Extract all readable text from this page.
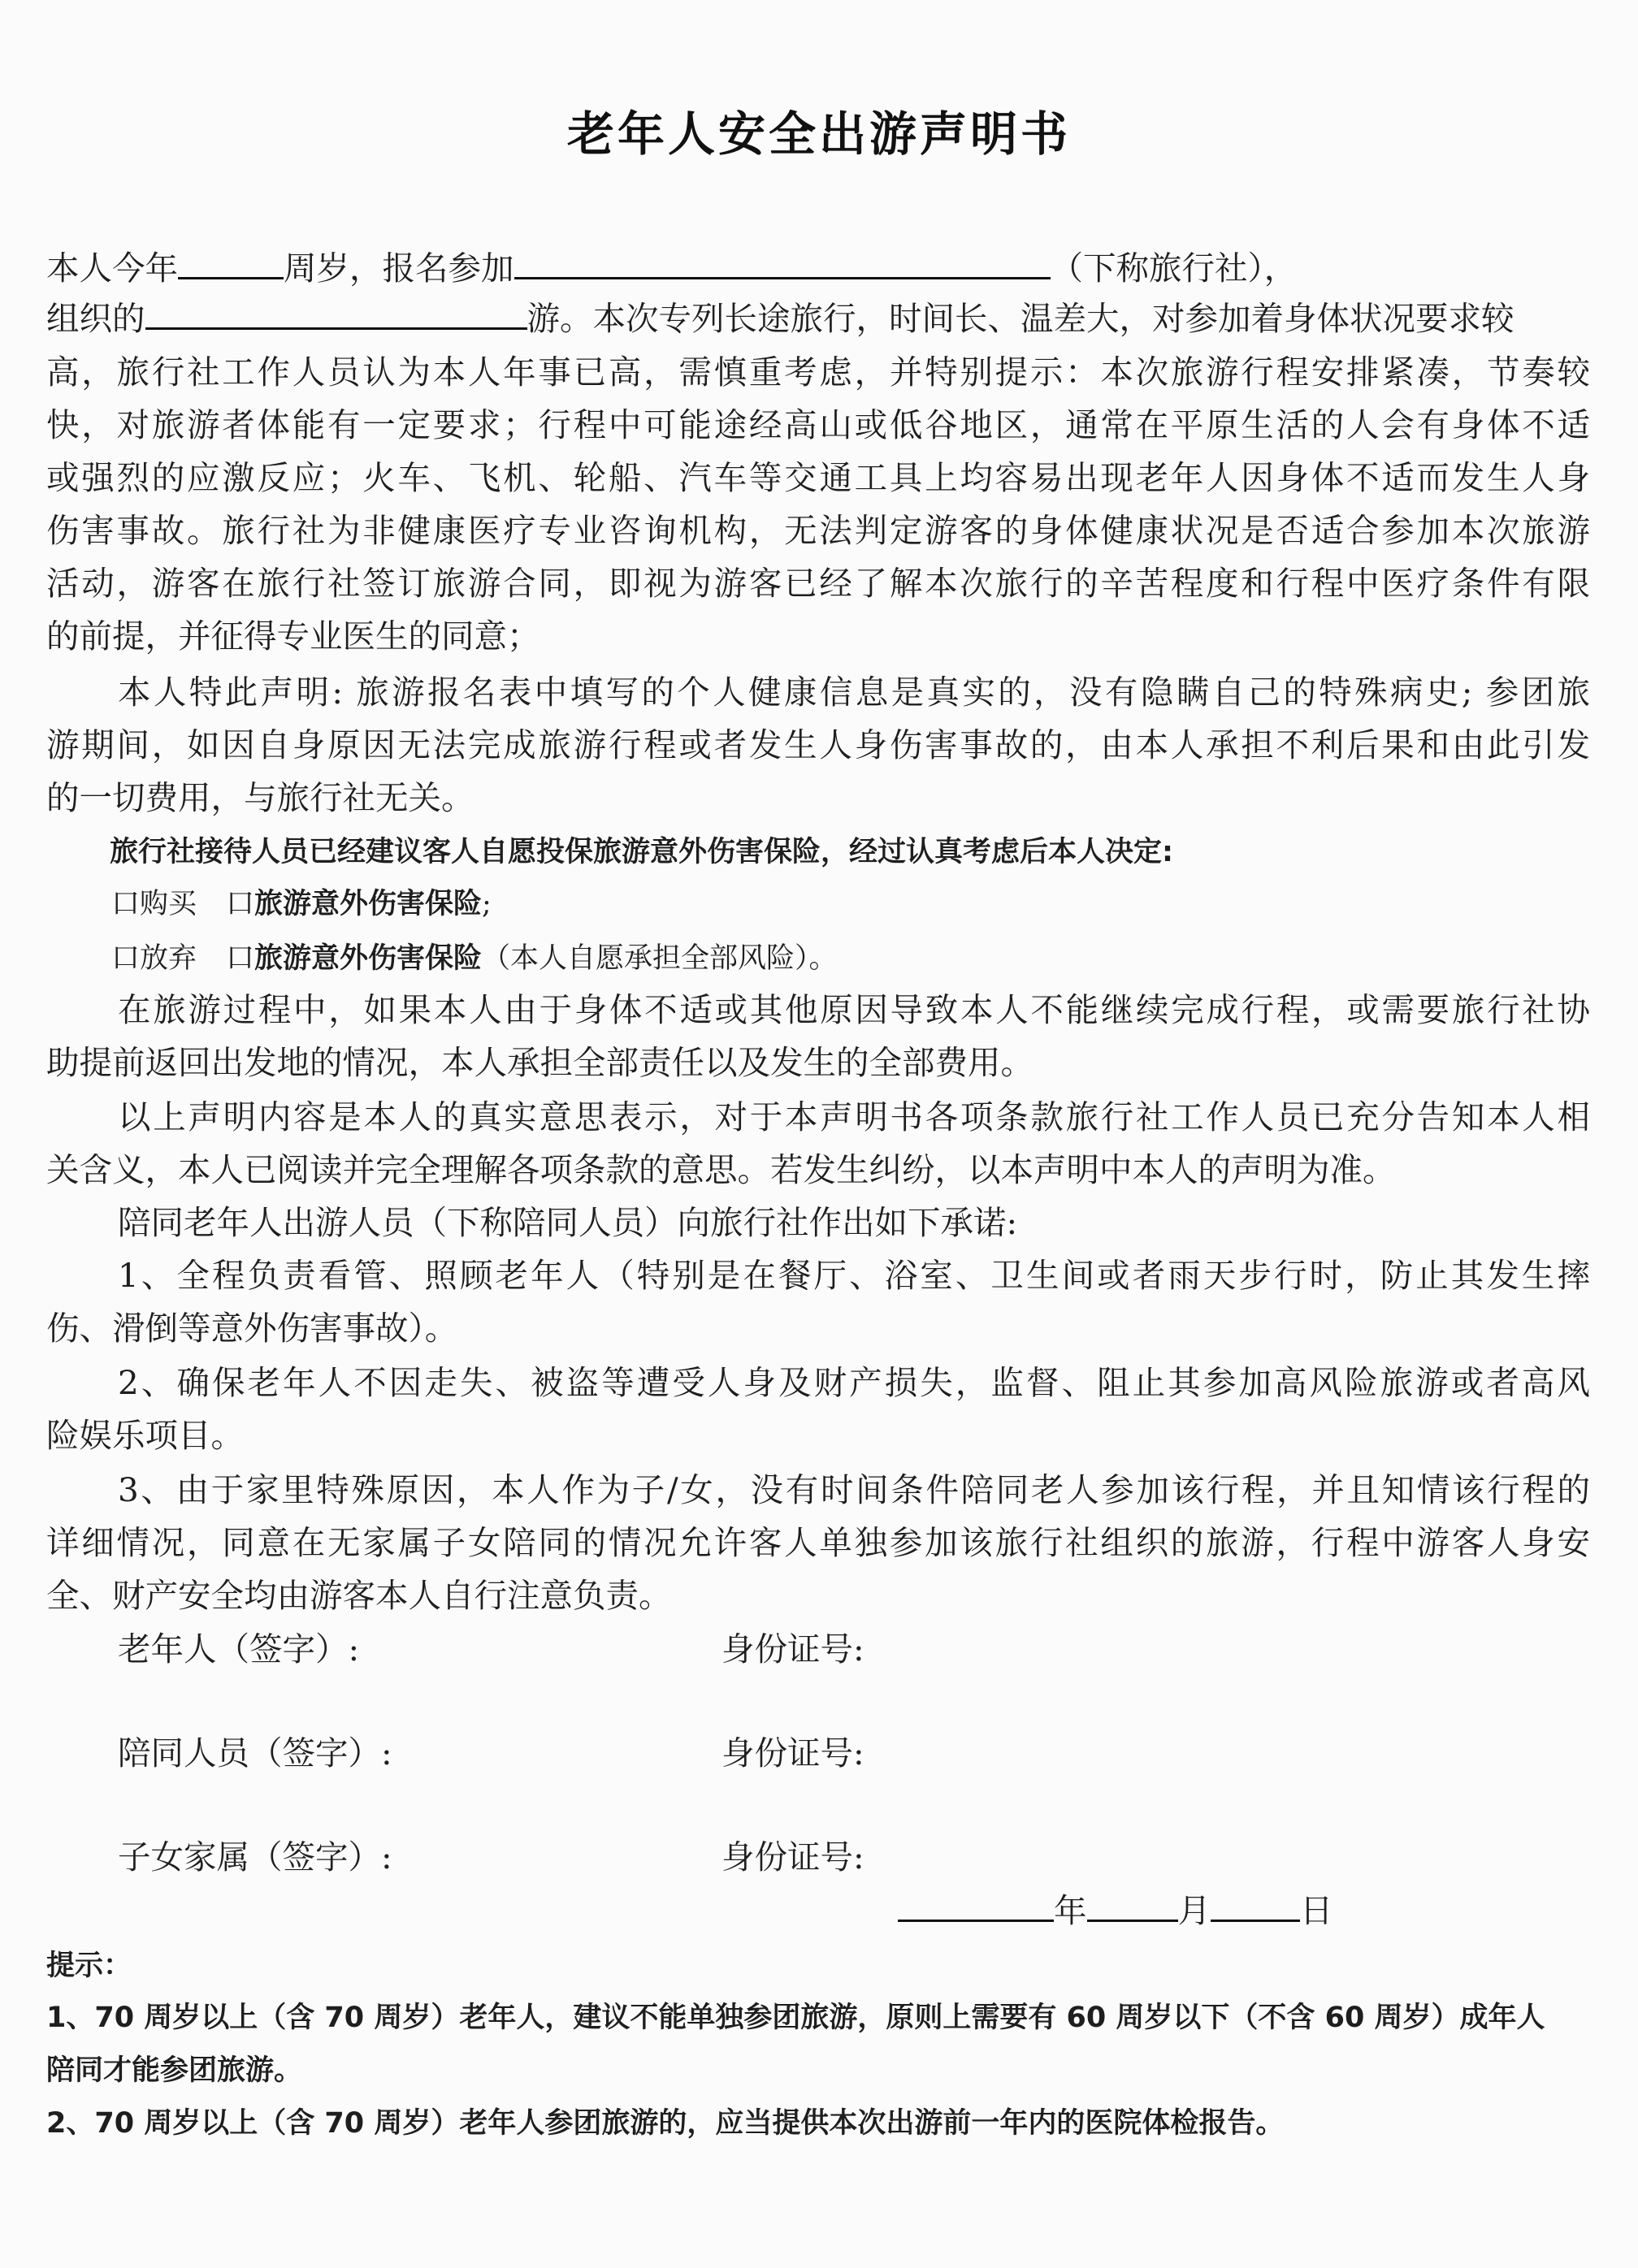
老年人安全出游声明书
本人今年	周岁，报名参加	（下称旅行社），
组织的	游。本次专列长途旅行，时间长、温差大，对参加着身体状况要求较
高，旅行社工作人员认为本人年事已高，需慎重考虑，并特别提示：本次旅游行程安排紧凑，节奏较
快，对旅游者体能有一定要求；行程中可能途经高山或低谷地区，通常在平原生活的人会有身体不适
或强烈的应激反应；火车、飞机、轮船、汽车等交通工具上均容易出现老年人因身体不适而发生人身
伤害事故。旅行社为非健康医疗专业咨询机构，无法判定游客的身体健康状况是否适合参加本次旅游
活动，游客在旅行社签订旅游合同，即视为游客已经了解本次旅行的辛苦程度和行程中医疗条件有限
的前提，并征得专业医生的同意；
本人特此声明: 旅游报名表中填写的个人健康信息是真实的，没有隐瞒自己的特殊病史; 参团旅
游期间，如因自身原因无法完成旅游行程或者发生人身伤害事故的，由本人承担不利后果和由此引发
的一切费用，与旅行社无关。
旅行社接待人员已经建议客人自愿投保旅游意外伤害保险，经过认真考虑后本人决定:
口购买 口旅游意外伤害保险;
口放弃 口旅游意外伤害保险（本人自愿承担全部风险）。
在旅游过程中，如果本人由于身体不适或其他原因导致本人不能继续完成行程，或需要旅行社协
助提前返回出发地的情况，本人承担全部责任以及发生的全部费用。
以上声明内容是本人的真实意思表示，对于本声明书各项条款旅行社工作人员已充分告知本人相
关含义，本人已阅读并完全理解各项条款的意思。若发生纠纷，以本声明中本人的声明为准。
陪同老年人出游人员（下称陪同人员）向旅行社作出如下承诺:
1、全程负责看管、照顾老年人（特别是在餐厅、浴室、卫生间或者雨天步行时，防止其发生摔
伤、滑倒等意外伤害事故）。
2、确保老年人不因走失、被盗等遭受人身及财产损失，监督、阻止其参加高风险旅游或者高风
险娱乐项目。
3、由于家里特殊原因，本人作为子/女，没有时间条件陪同老人参加该行程，并且知情该行程的
详细情况，同意在无家属子女陪同的情况允许客人单独参加该旅行社组织的旅游，行程中游客人身安
全、财产安全均由游客本人自行注意负责。
老年人（签字）:	身份证号:
陪同人员（签字）:	身份证号:
子女家属（签字）:	身份证号:
年	月	日
提示：
1、70 周岁以上（含 70 周岁）老年人，建议不能单独参团旅游，原则上需要有 60 周岁以下（不含 60 周岁）成年人
陪同才能参团旅游。
2、70 周岁以上（含 70 周岁）老年人参团旅游的，应当提供本次出游前一年内的医院体检报告。
